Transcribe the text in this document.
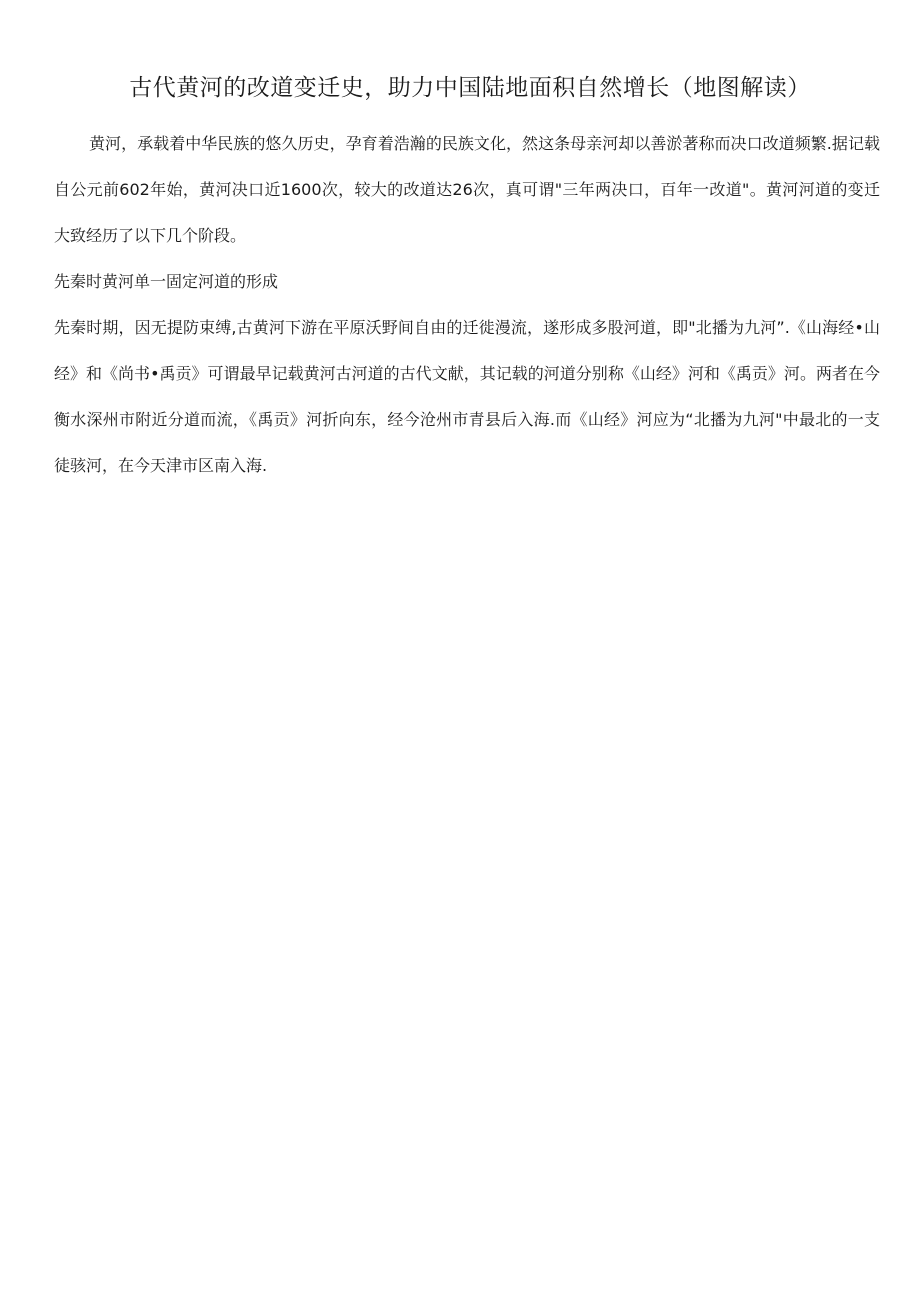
古代黄河的改道变迁史，助力中国陆地面积自然增长（地图解读）

黄河，承载着中华民族的悠久历史，孕育着浩瀚的民族文化，然这条母亲河却以善淤著称而决口改道频繁.据记载自公元前602年始，黄河决口近1600次，较大的改道达26次，真可谓"三年两决口，百年一改道"。黄河河道的变迁大致经历了以下几个阶段。

先秦时黄河单一固定河道的形成

先秦时期，因无提防束缚,古黄河下游在平原沃野间自由的迁徙漫流，遂形成多股河道，即"北播为九河”.《山海经•山经》和《尚书•禹贡》可谓最早记载黄河古河道的古代文献，其记载的河道分别称《山经》河和《禹贡》河。两者在今衡水深州市附近分道而流，《禹贡》河折向东，经今沧州市青县后入海.而《山经》河应为“北播为九河"中最北的一支徒骇河，在今天津市区南入海.
